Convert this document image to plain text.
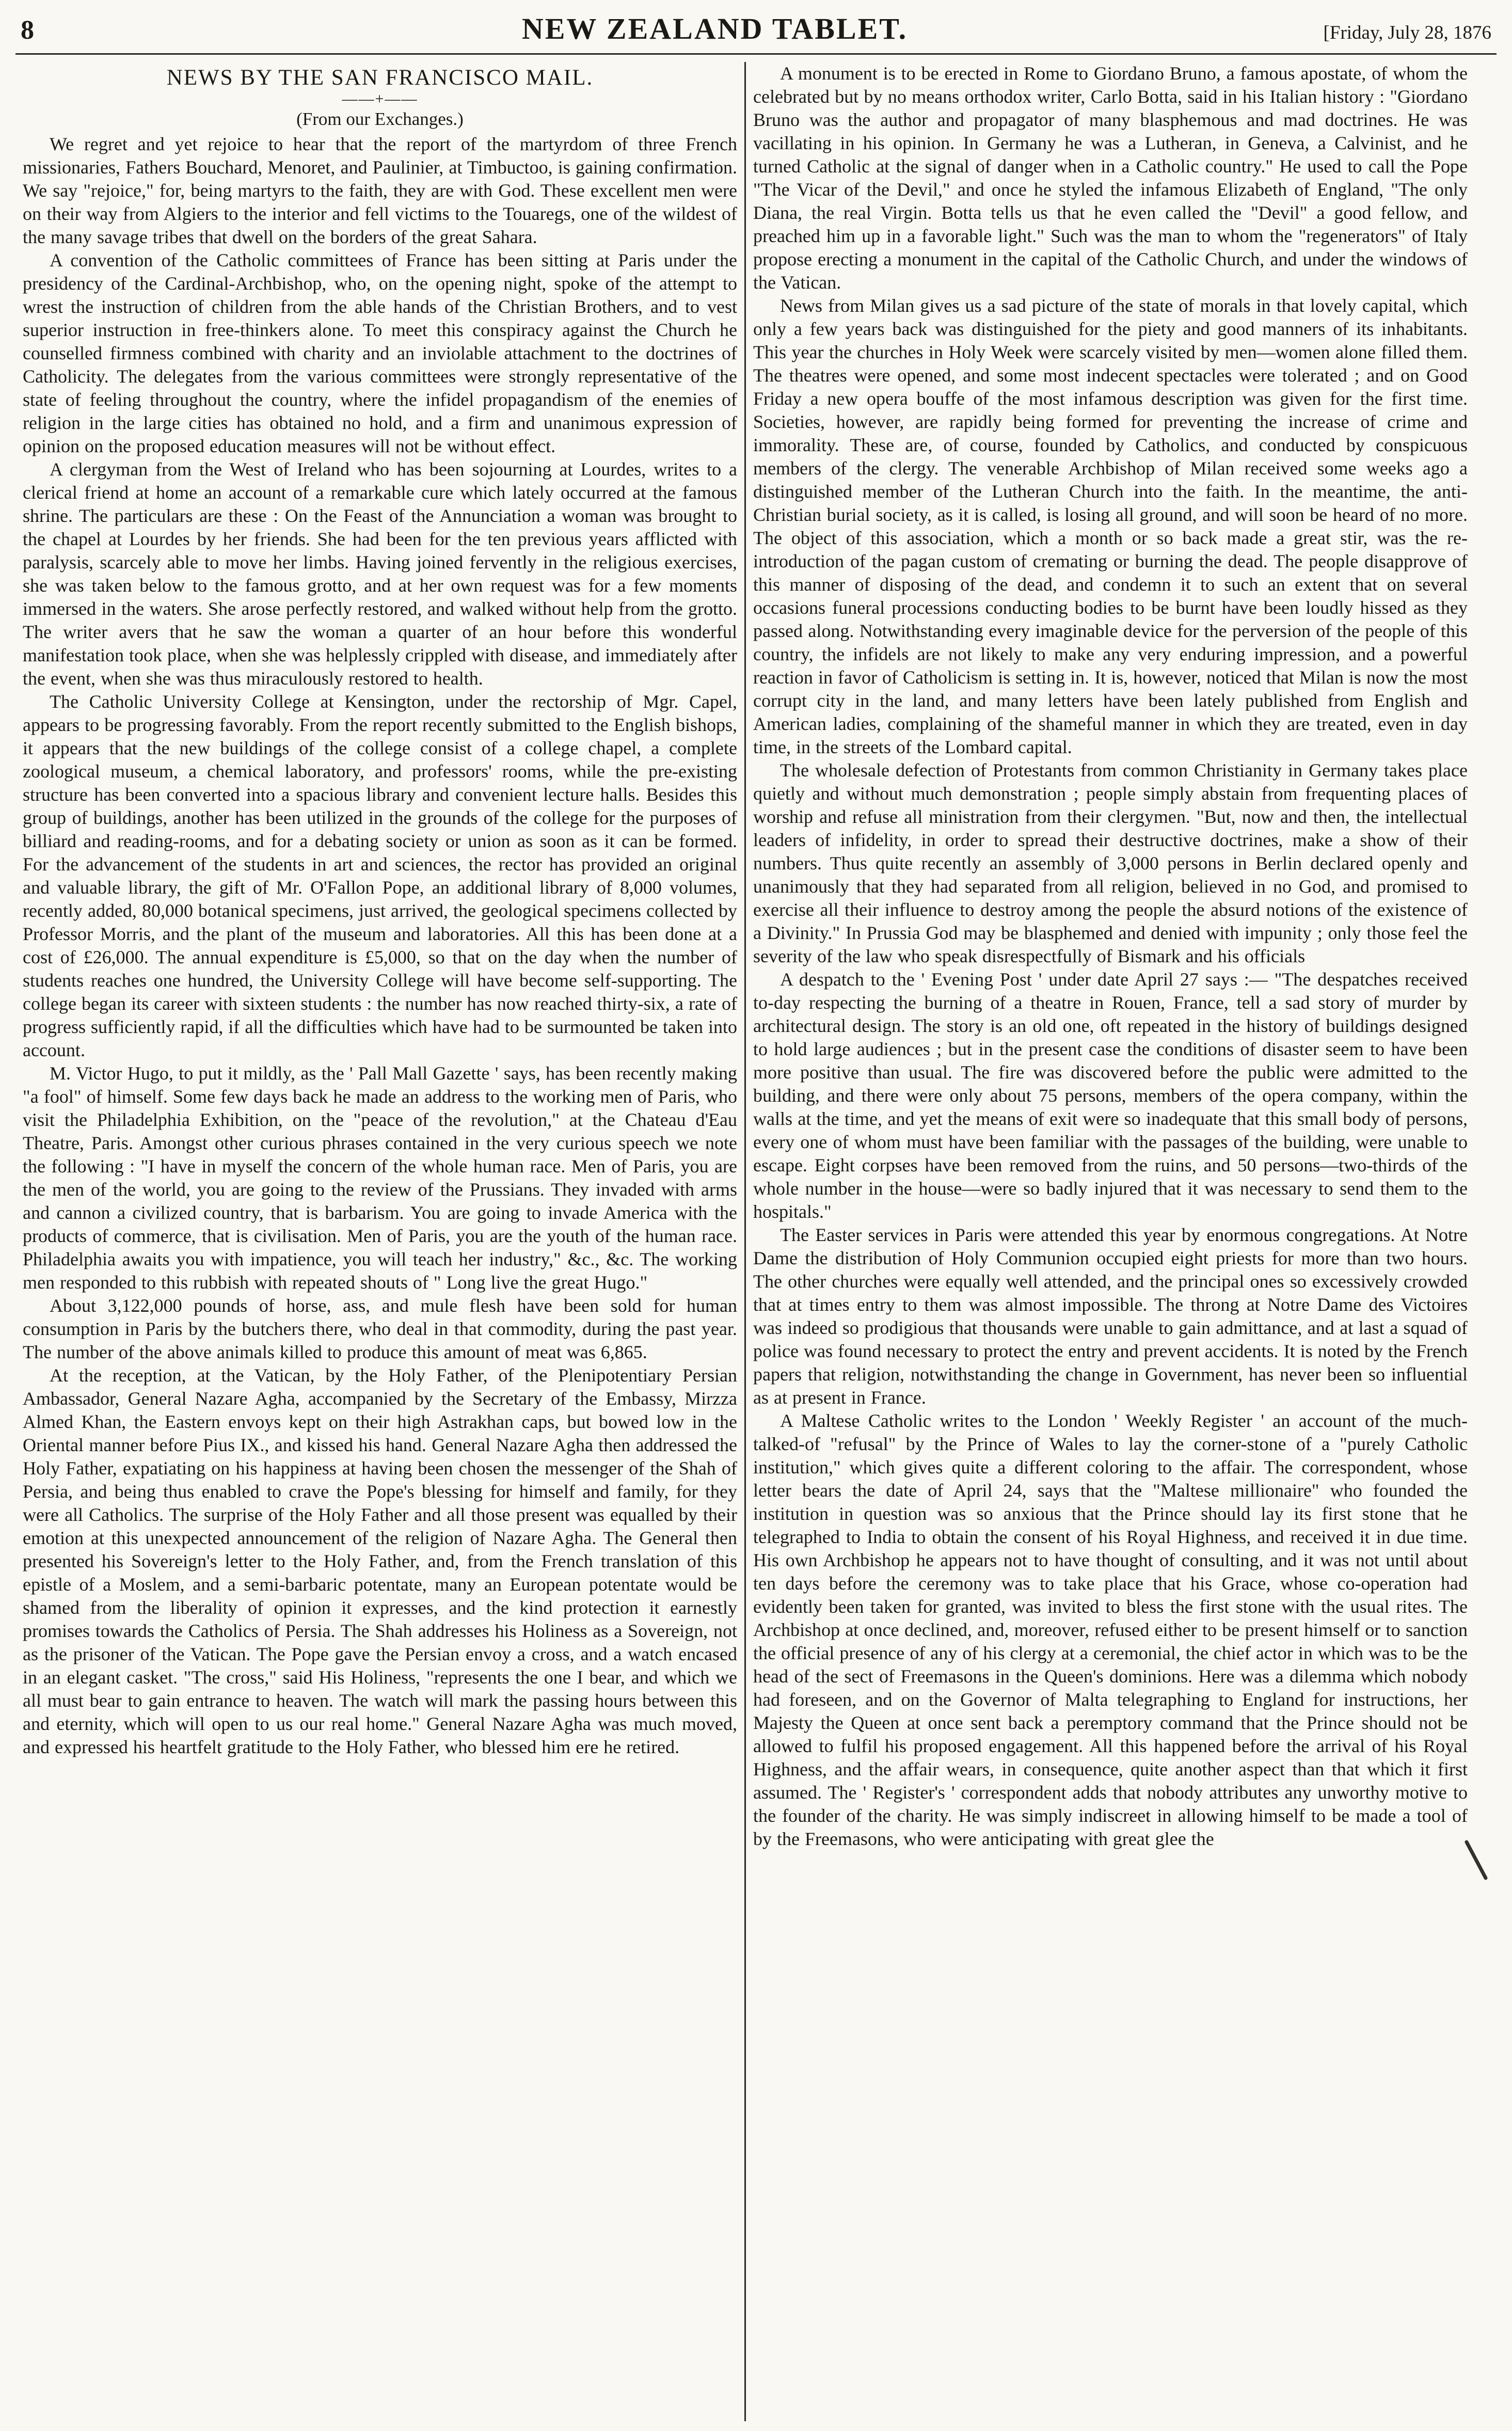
8	NEW ZEALAND TABLET.	[Friday, July 28, 1876
NEWS BY THE SAN FRANCISCO MAIL.
——+——
(From our Exchanges.)

We regret and yet rejoice to hear that the report of the martyrdom of three French missionaries, Fathers Bouchard, Menoret, and Paulinier, at Timbuctoo, is gaining confirmation. We say "rejoice," for, being martyrs to the faith, they are with God. These excellent men were on their way from Algiers to the interior and fell victims to the Touaregs, one of the wildest of the many savage tribes that dwell on the borders of the great Sahara.

A convention of the Catholic committees of France has been sitting at Paris under the presidency of the Cardinal-Archbishop, who, on the opening night, spoke of the attempt to wrest the instruction of children from the able hands of the Christian Brothers, and to vest superior instruction in free-thinkers alone. To meet this conspiracy against the Church he counselled firmness combined with charity and an inviolable attachment to the doctrines of Catholicity. The delegates from the various committees were strongly representative of the state of feeling throughout the country, where the infidel propagandism of the enemies of religion in the large cities has obtained no hold, and a firm and unanimous expression of opinion on the proposed education measures will not be without effect.

A clergyman from the West of Ireland who has been sojourning at Lourdes, writes to a clerical friend at home an account of a remarkable cure which lately occurred at the famous shrine. The particulars are these : On the Feast of the Annunciation a woman was brought to the chapel at Lourdes by her friends. She had been for the ten previous years afflicted with paralysis, scarcely able to move her limbs. Having joined fervently in the religious exercises, she was taken below to the famous grotto, and at her own request was for a few moments immersed in the waters. She arose perfectly restored, and walked without help from the grotto. The writer avers that he saw the woman a quarter of an hour before this wonderful manifestation took place, when she was helplessly crippled with disease, and immediately after the event, when she was thus miraculously restored to health.

The Catholic University College at Kensington, under the rectorship of Mgr. Capel, appears to be progressing favorably. From the report recently submitted to the English bishops, it appears that the new buildings of the college consist of a college chapel, a complete zoological museum, a chemical laboratory, and professors' rooms, while the pre-existing structure has been converted into a spacious library and convenient lecture halls. Besides this group of buildings, another has been utilized in the grounds of the college for the purposes of billiard and reading-rooms, and for a debating society or union as soon as it can be formed. For the advancement of the students in art and sciences, the rector has provided an original and valuable library, the gift of Mr. O'Fallon Pope, an additional library of 8,000 volumes, recently added, 80,000 botanical specimens, just arrived, the geological specimens collected by Professor Morris, and the plant of the museum and laboratories. All this has been done at a cost of £26,000. The annual expenditure is £5,000, so that on the day when the number of students reaches one hundred, the University College will have become self-supporting. The college began its career with sixteen students : the number has now reached thirty-six, a rate of progress sufficiently rapid, if all the difficulties which have had to be surmounted be taken into account.

M. Victor Hugo, to put it mildly, as the ' Pall Mall Gazette ' says, has been recently making "a fool" of himself. Some few days back he made an address to the working men of Paris, who visit the Philadelphia Exhibition, on the "peace of the revolution," at the Chateau d'Eau Theatre, Paris. Amongst other curious phrases contained in the very curious speech we note the following : "I have in myself the concern of the whole human race. Men of Paris, you are the men of the world, you are going to the review of the Prussians. They invaded with arms and cannon a civilized country, that is barbarism. You are going to invade America with the products of commerce, that is civilisation. Men of Paris, you are the youth of the human race. Philadelphia awaits you with impatience, you will teach her industry," &c., &c. The working men responded to this rubbish with repeated shouts of " Long live the great Hugo."

About 3,122,000 pounds of horse, ass, and mule flesh have been sold for human consumption in Paris by the butchers there, who deal in that commodity, during the past year. The number of the above animals killed to produce this amount of meat was 6,865.

At the reception, at the Vatican, by the Holy Father, of the Plenipotentiary Persian Ambassador, General Nazare Agha, accompanied by the Secretary of the Embassy, Mirzza Almed Khan, the Eastern envoys kept on their high Astrakhan caps, but bowed low in the Oriental manner before Pius IX., and kissed his hand. General Nazare Agha then addressed the Holy Father, expatiating on his happiness at having been chosen the messenger of the Shah of Persia, and being thus enabled to crave the Pope's blessing for himself and family, for they were all Catholics. The surprise of the Holy Father and all those present was equalled by their emotion at this unexpected announcement of the religion of Nazare Agha. The General then presented his Sovereign's letter to the Holy Father, and, from the French translation of this epistle of a Moslem, and a semi-barbaric potentate, many an European potentate would be shamed from the liberality of opinion it expresses, and the kind protection it earnestly promises towards the Catholics of Persia. The Shah addresses his Holiness as a Sovereign, not as the prisoner of the Vatican. The Pope gave the Persian envoy a cross, and a watch encased in an elegant casket. "The cross," said His Holiness, "represents the one I bear, and which we all must bear to gain entrance to heaven. The watch will mark the passing hours between this and eternity, which will open to us our real home." General Nazare Agha was much moved, and expressed his heartfelt gratitude to the Holy Father, who blessed him ere he retired.

A monument is to be erected in Rome to Giordano Bruno, a famous apostate, of whom the celebrated but by no means orthodox writer, Carlo Botta, said in his Italian history : "Giordano Bruno was the author and propagator of many blasphemous and mad doctrines. He was vacillating in his opinion. In Germany he was a Lutheran, in Geneva, a Calvinist, and he turned Catholic at the signal of danger when in a Catholic country." He used to call the Pope "The Vicar of the Devil," and once he styled the infamous Elizabeth of England, "The only Diana, the real Virgin. Botta tells us that he even called the "Devil" a good fellow, and preached him up in a favorable light." Such was the man to whom the "regenerators" of Italy propose erecting a monument in the capital of the Catholic Church, and under the windows of the Vatican.

News from Milan gives us a sad picture of the state of morals in that lovely capital, which only a few years back was distinguished for the piety and good manners of its inhabitants. This year the churches in Holy Week were scarcely visited by men—women alone filled them. The theatres were opened, and some most indecent spectacles were tolerated ; and on Good Friday a new opera bouffe of the most infamous description was given for the first time. Societies, however, are rapidly being formed for preventing the increase of crime and immorality. These are, of course, founded by Catholics, and conducted by conspicuous members of the clergy. The venerable Archbishop of Milan received some weeks ago a distinguished member of the Lutheran Church into the faith. In the meantime, the anti-Christian burial society, as it is called, is losing all ground, and will soon be heard of no more. The object of this association, which a month or so back made a great stir, was the re-introduction of the pagan custom of cremating or burning the dead. The people disapprove of this manner of disposing of the dead, and condemn it to such an extent that on several occasions funeral processions conducting bodies to be burnt have been loudly hissed as they passed along. Notwithstanding every imaginable device for the perversion of the people of this country, the infidels are not likely to make any very enduring impression, and a powerful reaction in favor of Catholicism is setting in. It is, however, noticed that Milan is now the most corrupt city in the land, and many letters have been lately published from English and American ladies, complaining of the shameful manner in which they are treated, even in day time, in the streets of the Lombard capital.

The wholesale defection of Protestants from common Christianity in Germany takes place quietly and without much demonstration ; people simply abstain from frequenting places of worship and refuse all ministration from their clergymen. "But, now and then, the intellectual leaders of infidelity, in order to spread their destructive doctrines, make a show of their numbers. Thus quite recently an assembly of 3,000 persons in Berlin declared openly and unanimously that they had separated from all religion, believed in no God, and promised to exercise all their influence to destroy among the people the absurd notions of the existence of a Divinity." In Prussia God may be blasphemed and denied with impunity ; only those feel the severity of the law who speak disrespectfully of Bismark and his officials

A despatch to the ' Evening Post ' under date April 27 says :— "The despatches received to-day respecting the burning of a theatre in Rouen, France, tell a sad story of murder by architectural design. The story is an old one, oft repeated in the history of buildings designed to hold large audiences ; but in the present case the conditions of disaster seem to have been more positive than usual. The fire was discovered before the public were admitted to the building, and there were only about 75 persons, members of the opera company, within the walls at the time, and yet the means of exit were so inadequate that this small body of persons, every one of whom must have been familiar with the passages of the building, were unable to escape. Eight corpses have been removed from the ruins, and 50 persons—two-thirds of the whole number in the house—were so badly injured that it was necessary to send them to the hospitals."

The Easter services in Paris were attended this year by enormous congregations. At Notre Dame the distribution of Holy Communion occupied eight priests for more than two hours. The other churches were equally well attended, and the principal ones so excessively crowded that at times entry to them was almost impossible. The throng at Notre Dame des Victoires was indeed so prodigious that thousands were unable to gain admittance, and at last a squad of police was found necessary to protect the entry and prevent accidents. It is noted by the French papers that religion, notwithstanding the change in Government, has never been so influential as at present in France.

A Maltese Catholic writes to the London ' Weekly Register ' an account of the much-talked-of "refusal" by the Prince of Wales to lay the corner-stone of a "purely Catholic institution," which gives quite a different coloring to the affair. The correspondent, whose letter bears the date of April 24, says that the "Maltese millionaire" who founded the institution in question was so anxious that the Prince should lay its first stone that he telegraphed to India to obtain the consent of his Royal Highness, and received it in due time. His own Archbishop he appears not to have thought of consulting, and it was not until about ten days before the ceremony was to take place that his Grace, whose co-operation had evidently been taken for granted, was invited to bless the first stone with the usual rites. The Archbishop at once declined, and, moreover, refused either to be present himself or to sanction the official presence of any of his clergy at a ceremonial, the chief actor in which was to be the head of the sect of Freemasons in the Queen's dominions. Here was a dilemma which nobody had foreseen, and on the Governor of Malta telegraphing to England for instructions, her Majesty the Queen at once sent back a peremptory command that the Prince should not be allowed to fulfil his proposed engagement. All this happened before the arrival of his Royal Highness, and the affair wears, in consequence, quite another aspect than that which it first assumed. The ' Register's ' correspondent adds that nobody attributes any unworthy motive to the founder of the charity. He was simply indiscreet in allowing himself to be made a tool of by the Freemasons, who were anticipating with great glee the
